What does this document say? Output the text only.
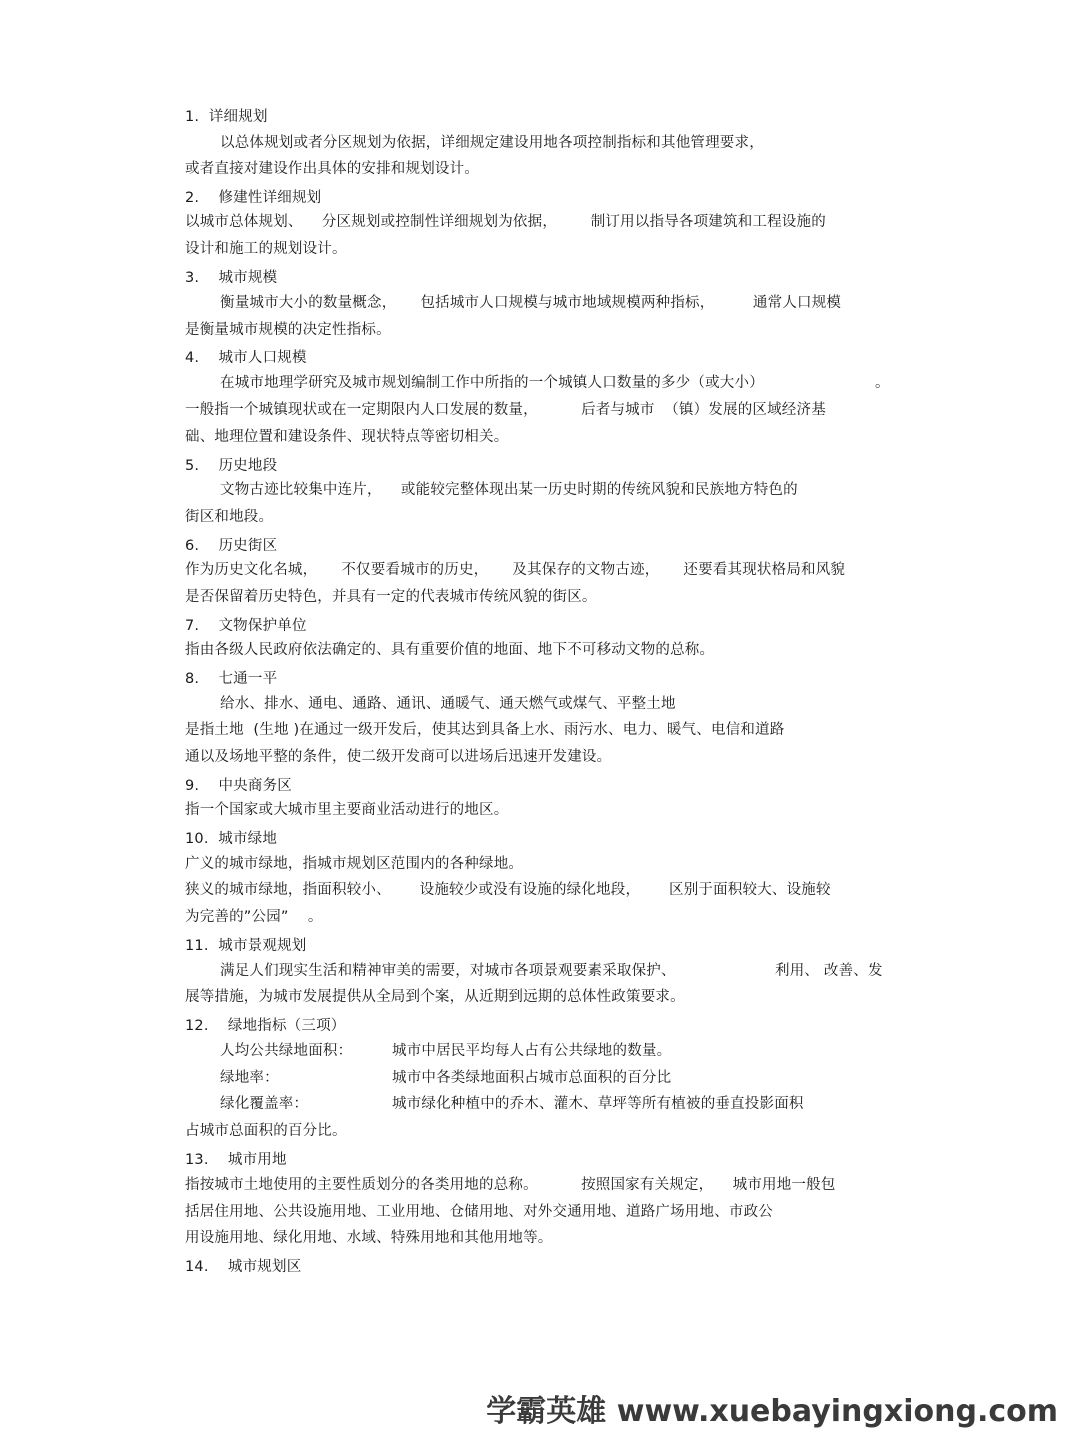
1.  详细规划
以总体规划或者分区规划为依据，详细规定建设用地各项控制指标和其他管理要求，
或者直接对建设作出具体的安排和规划设计。
2.    修建性详细规划
以城市总体规划、    分区规划或控制性详细规划为依据，       制订用以指导各项建筑和工程设施的
设计和施工的规划设计。
3.    城市规模
衡量城市大小的数量概念，     包括城市人口规模与城市地域规模两种指标，        通常人口规模
是衡量城市规模的决定性指标。
4.    城市人口规模
在城市地理学研究及城市规划编制工作中所指的一个城镇人口数量的多少（或大小）	。
一般指一个城镇现状或在一定期限内人口发展的数量，         后者与城市  （镇）发展的区域经济基
础、地理位置和建设条件、现状特点等密切相关。
5.    历史地段
文物古迹比较集中连片，    或能较完整体现出某一历史时期的传统风貌和民族地方特色的
街区和地段。
6.    历史街区
作为历史文化名城，     不仅要看城市的历史，     及其保存的文物古迹，     还要看其现状格局和风貌
是否保留着历史特色，并具有一定的代表城市传统风貌的街区。
7.    文物保护单位
指由各级人民政府依法确定的、具有重要价值的地面、地下不可移动文物的总称。
8.    七通一平
给水、排水、通电、通路、通讯、通暖气、通天燃气或煤气、平整土地
是指土地  (生地 )在通过一级开发后，使其达到具备上水、雨污水、电力、暖气、电信和道路
通以及场地平整的条件，使二级开发商可以进场后迅速开发建设。
9.    中央商务区
指一个国家或大城市里主要商业活动进行的地区。
10.  城市绿地
广义的城市绿地，指城市规划区范围内的各种绿地。
狭义的城市绿地，指面积较小、      设施较少或没有设施的绿化地段，      区别于面积较大、设施较
为完善的”公园”    。
11.  城市景观规划
满足人们现实生活和精神审美的需要，对城市各项景观要素采取保护、	利用、 改善、发
展等措施，为城市发展提供从全局到个案，从近期到远期的总体性政策要求。
12.    绿地指标（三项）
人均公共绿地面积：	城市中居民平均每人占有公共绿地的数量。
绿地率：	城市中各类绿地面积占城市总面积的百分比
绿化覆盖率：	城市绿化种植中的乔木、灌木、草坪等所有植被的垂直投影面积
占城市总面积的百分比。
13.    城市用地
指按城市土地使用的主要性质划分的各类用地的总称。         按照国家有关规定，    城市用地一般包
括居住用地、公共设施用地、工业用地、仓储用地、对外交通用地、道路广场用地、市政公
用设施用地、绿化用地、水域、特殊用地和其他用地等。
14.    城市规划区
学霸英雄 www.xuebayingxiong.com
